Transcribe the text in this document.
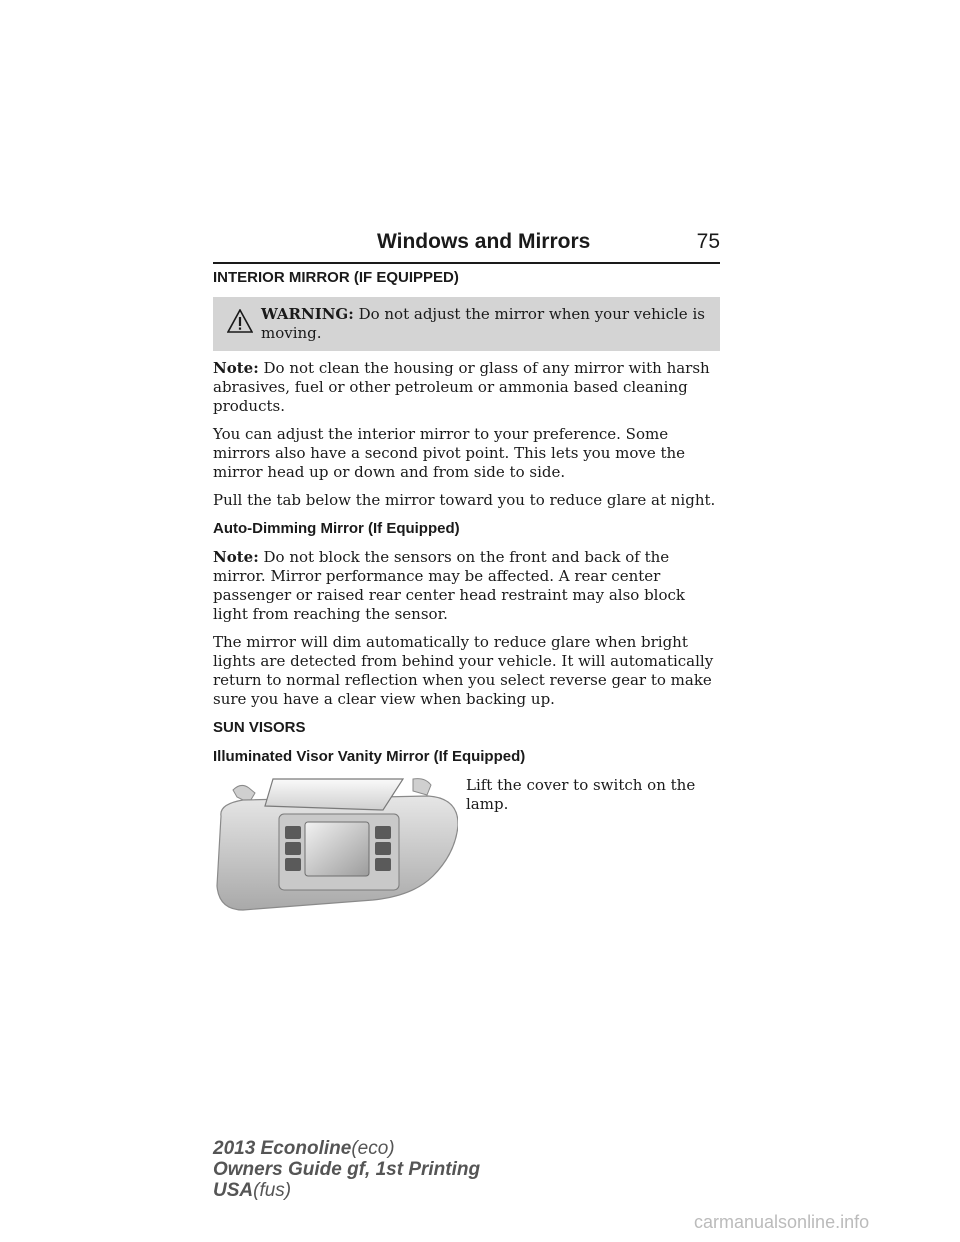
Windows and Mirrors	75
INTERIOR MIRROR (IF EQUIPPED)
WARNING: Do not adjust the mirror when your vehicle is moving.

Note: Do not clean the housing or glass of any mirror with harsh abrasives, fuel or other petroleum or ammonia based cleaning products.

You can adjust the interior mirror to your preference. Some mirrors also have a second pivot point. This lets you move the mirror head up or down and from side to side.

Pull the tab below the mirror toward you to reduce glare at night.

Auto-Dimming Mirror (If Equipped)

Note: Do not block the sensors on the front and back of the mirror. Mirror performance may be affected. A rear center passenger or raised rear center head restraint may also block light from reaching the sensor.

The mirror will dim automatically to reduce glare when bright lights are detected from behind your vehicle. It will automatically return to normal reflection when you select reverse gear to make sure you have a clear view when backing up.

SUN VISORS
Illuminated Visor Vanity Mirror (If Equipped)
Lift the cover to switch on the lamp.
2013 Econoline(eco)
Owners Guide gf, 1st Printing
USA(fus)
carmanualsonline.info
